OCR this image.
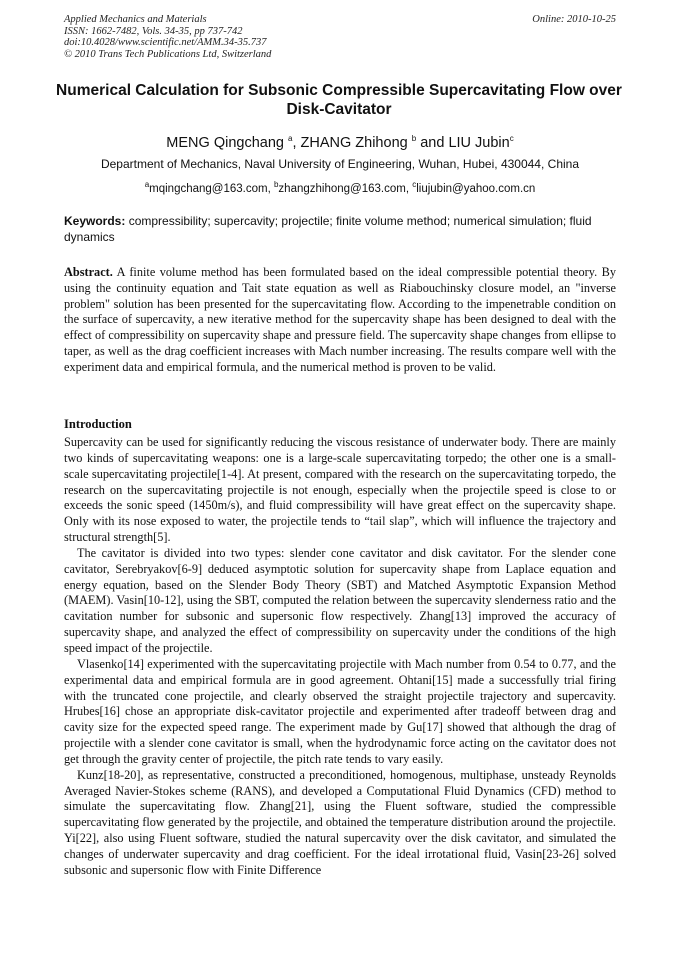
Applied Mechanics and Materials
ISSN: 1662-7482, Vols. 34-35, pp 737-742
doi:10.4028/www.scientific.net/AMM.34-35.737
© 2010 Trans Tech Publications Ltd, Switzerland
Online: 2010-10-25
Numerical Calculation for Subsonic Compressible Supercavitating Flow over Disk-Cavitator
MENG Qingchang $^a$, ZHANG Zhihong $^b$ and LIU Jubin$^c$
Department of Mechanics, Naval University of Engineering, Wuhan, Hubei, 430044, China
$^a$mqingchang@163.com, $^b$zhangzhihong@163.com, $^c$liujubin@yahoo.com.cn
Keywords: compressibility; supercavity; projectile; finite volume method; numerical simulation; fluid dynamics
Abstract. A finite volume method has been formulated based on the ideal compressible potential theory. By using the continuity equation and Tait state equation as well as Riabouchinsky closure model, an "inverse problem" solution has been presented for the supercavitating flow. According to the impenetrable condition on the surface of supercavity, a new iterative method for the supercavity shape has been designed to deal with the effect of compressibility on supercavity shape and pressure field. The supercavity shape changes from ellipse to taper, as well as the drag coefficient increases with Mach number increasing. The results compare well with the experiment data and empirical formula, and the numerical method is proven to be valid.
Introduction

Supercavity can be used for significantly reducing the viscous resistance of underwater body. There are mainly two kinds of supercavitating weapons: one is a large-scale supercavitating torpedo; the other one is a small-scale supercavitating projectile[1-4]. At present, compared with the research on the supercavitating torpedo, the research on the supercavitating projectile is not enough, especially when the projectile speed is close to or exceeds the sonic speed (1450m/s), and fluid compressibility will have great effect on the supercavity shape. Only with its nose exposed to water, the projectile tends to “tail slap”, which will influence the trajectory and structural strength[5].

The cavitator is divided into two types: slender cone cavitator and disk cavitator. For the slender cone cavitator, Serebryakov[6-9] deduced asymptotic solution for supercavity shape from Laplace equation and energy equation, based on the Slender Body Theory (SBT) and Matched Asymptotic Expansion Method (MAEM). Vasin[10-12], using the SBT, computed the relation between the supercavity slenderness ratio and the cavitation number for subsonic and supersonic flow respectively. Zhang[13] improved the accuracy of supercavity shape, and analyzed the effect of compressibility on supercavity under the conditions of the high speed impact of the projectile.

Vlasenko[14] experimented with the supercavitating projectile with Mach number from 0.54 to 0.77, and the experimental data and empirical formula are in good agreement. Ohtani[15] made a successfully trial firing with the truncated cone projectile, and clearly observed the straight projectile trajectory and supercavity. Hrubes[16] chose an appropriate disk-cavitator projectile and experimented after tradeoff between drag and cavity size for the expected speed range. The experiment made by Gu[17] showed that although the drag of projectile with a slender cone cavitator is small, when the hydrodynamic force acting on the cavitator does not get through the gravity center of projectile, the pitch rate tends to vary easily.

Kunz[18-20], as representative, constructed a preconditioned, homogenous, multiphase, unsteady Reynolds Averaged Navier-Stokes scheme (RANS), and developed a Computational Fluid Dynamics (CFD) method to simulate the supercavitating flow. Zhang[21], using the Fluent software, studied the compressible supercavitating flow generated by the projectile, and obtained the temperature distribution around the projectile. Yi[22], also using Fluent software, studied the natural supercavity over the disk cavitator, and simulated the changes of underwater supercavity and drag coefficient. For the ideal irrotational fluid, Vasin[23-26] solved subsonic and supersonic flow with Finite Difference
